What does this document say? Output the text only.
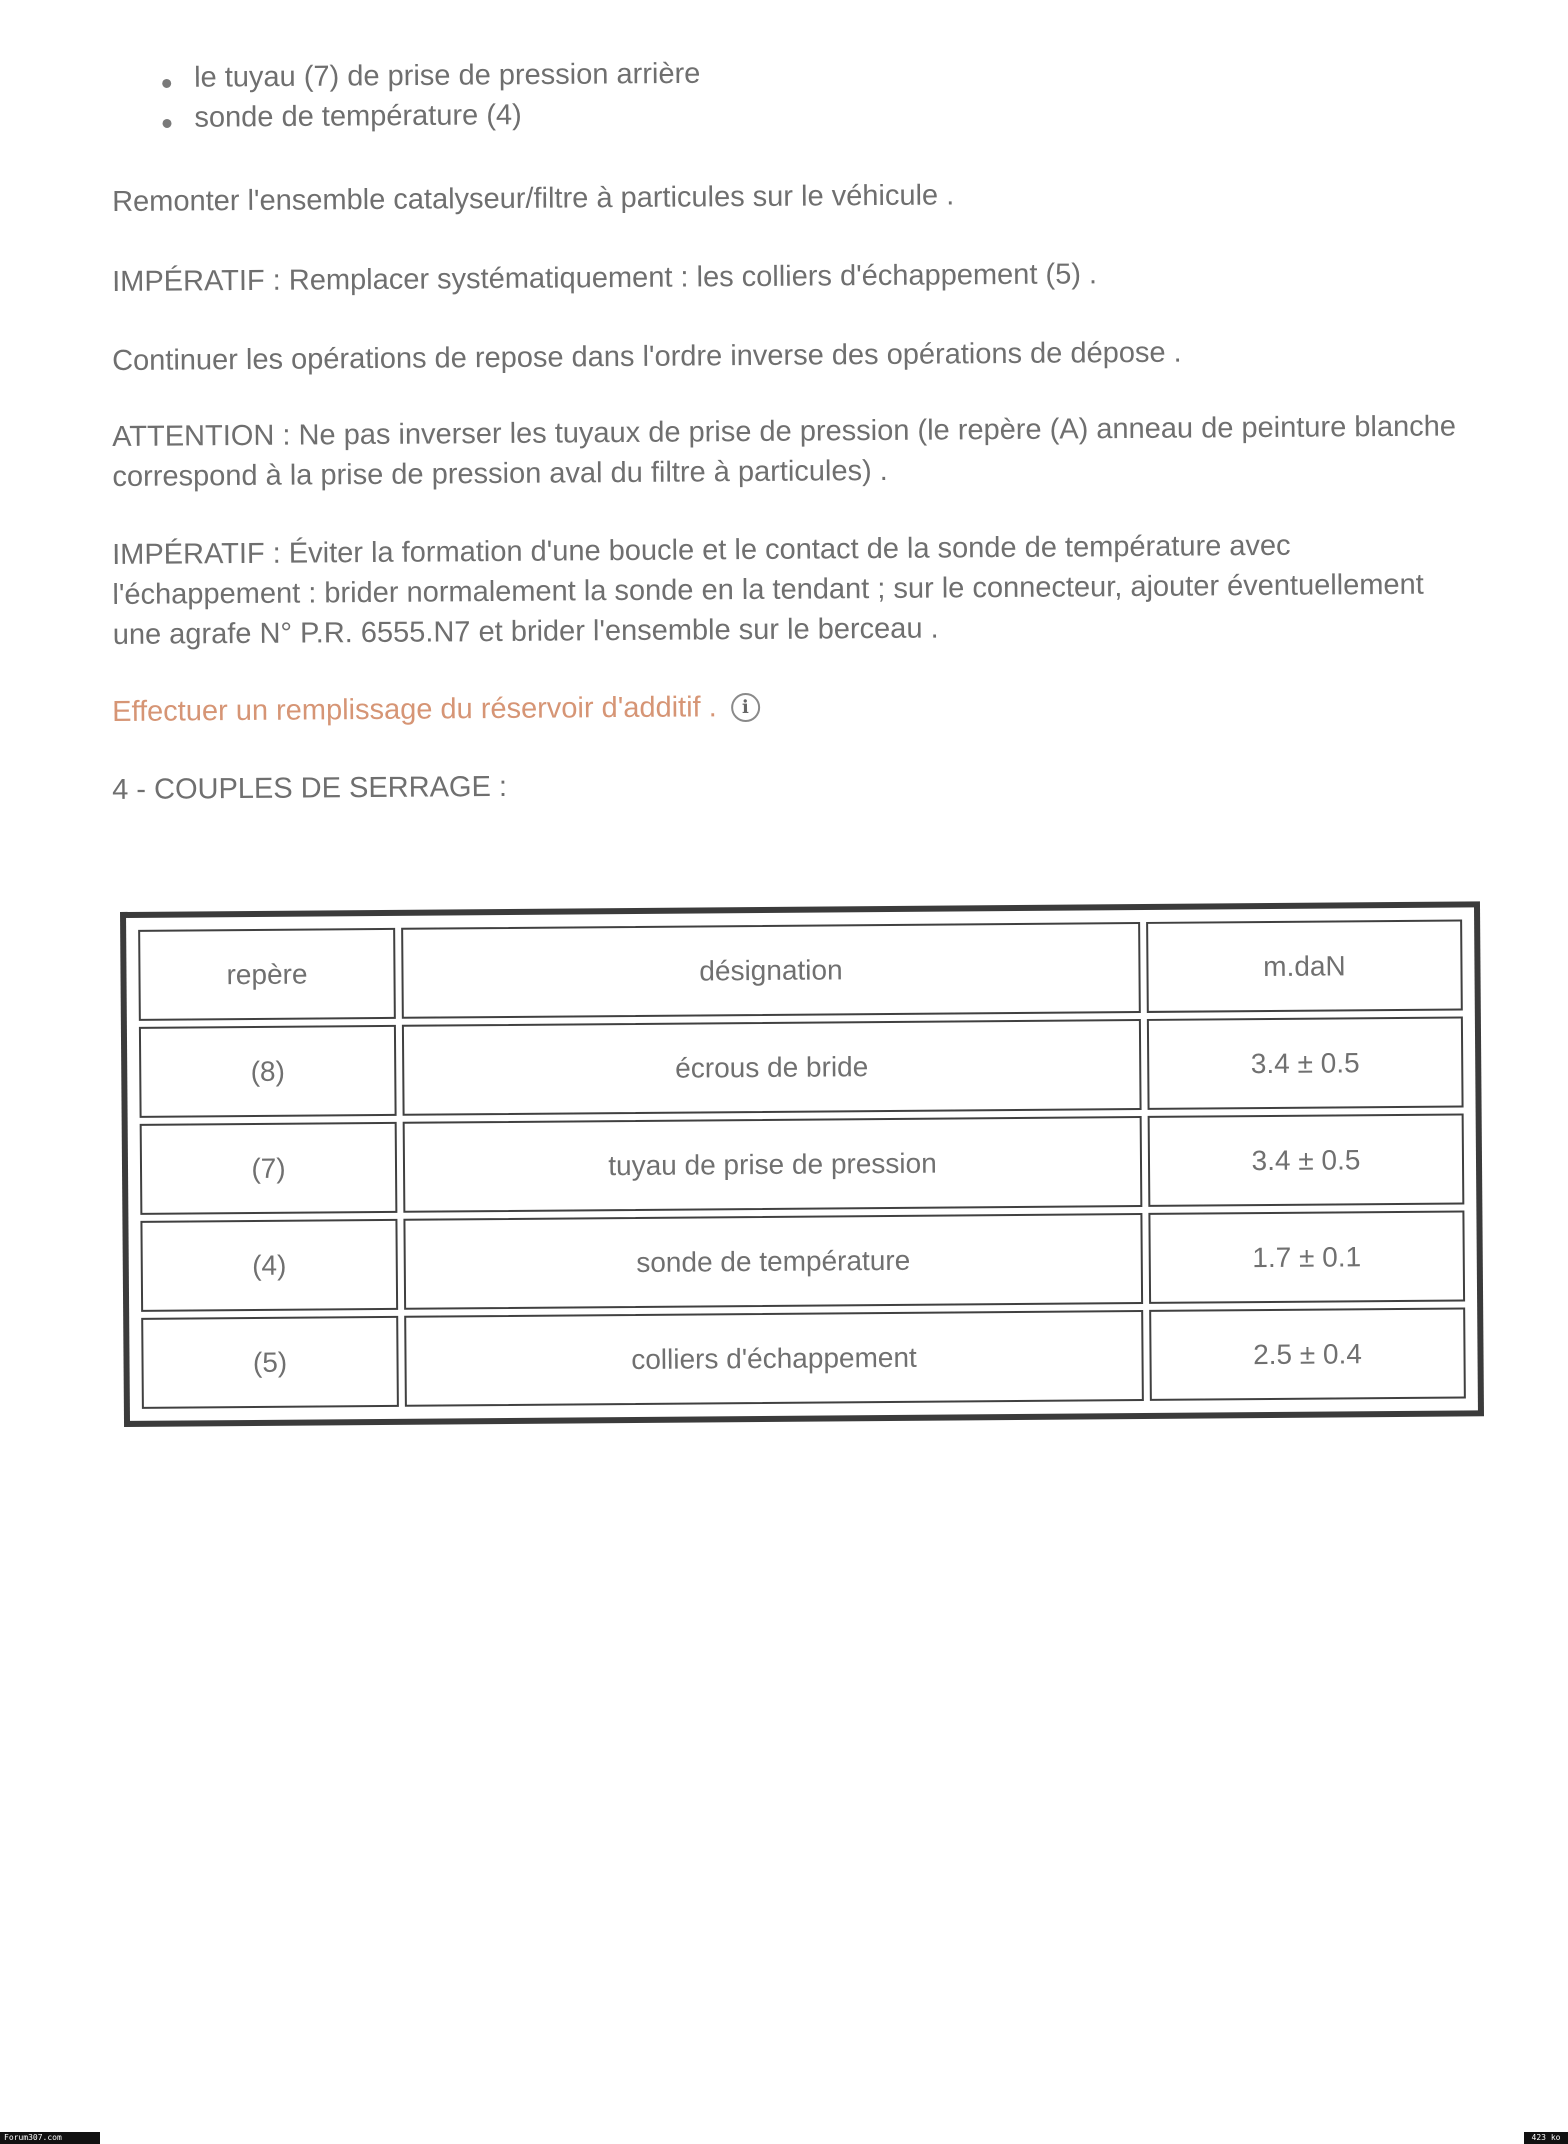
le tuyau (7) de prise de pression arrière
sonde de température (4)

Remonter l'ensemble catalyseur/filtre à particules sur le véhicule .

IMPÉRATIF : Remplacer systématiquement : les colliers d'échappement (5) .

Continuer les opérations de repose dans l'ordre inverse des opérations de dépose .

ATTENTION : Ne pas inverser les tuyaux de prise de pression (le repère (A) anneau de peinture blanche correspond à la prise de pression aval du filtre à particules) .

IMPÉRATIF : Éviter la formation d'une boucle et le contact de la sonde de température avec l'échappement : brider normalement la sonde en la tendant ; sur le connecteur, ajouter éventuellement une agrafe N° P.R. 6555.N7 et brider l'ensemble sur le berceau .

Effectuer un remplissage du réservoir d'additif . i

4 - COUPLES DE SERRAGE :

repère	désignation	m.daN
(8)	écrous de bride	3.4 ± 0.5
(7)	tuyau de prise de pression	3.4 ± 0.5
(4)	sonde de température	1.7 ± 0.1
(5)	colliers d'échappement	2.5 ± 0.4
Forum307.com	423 ko
